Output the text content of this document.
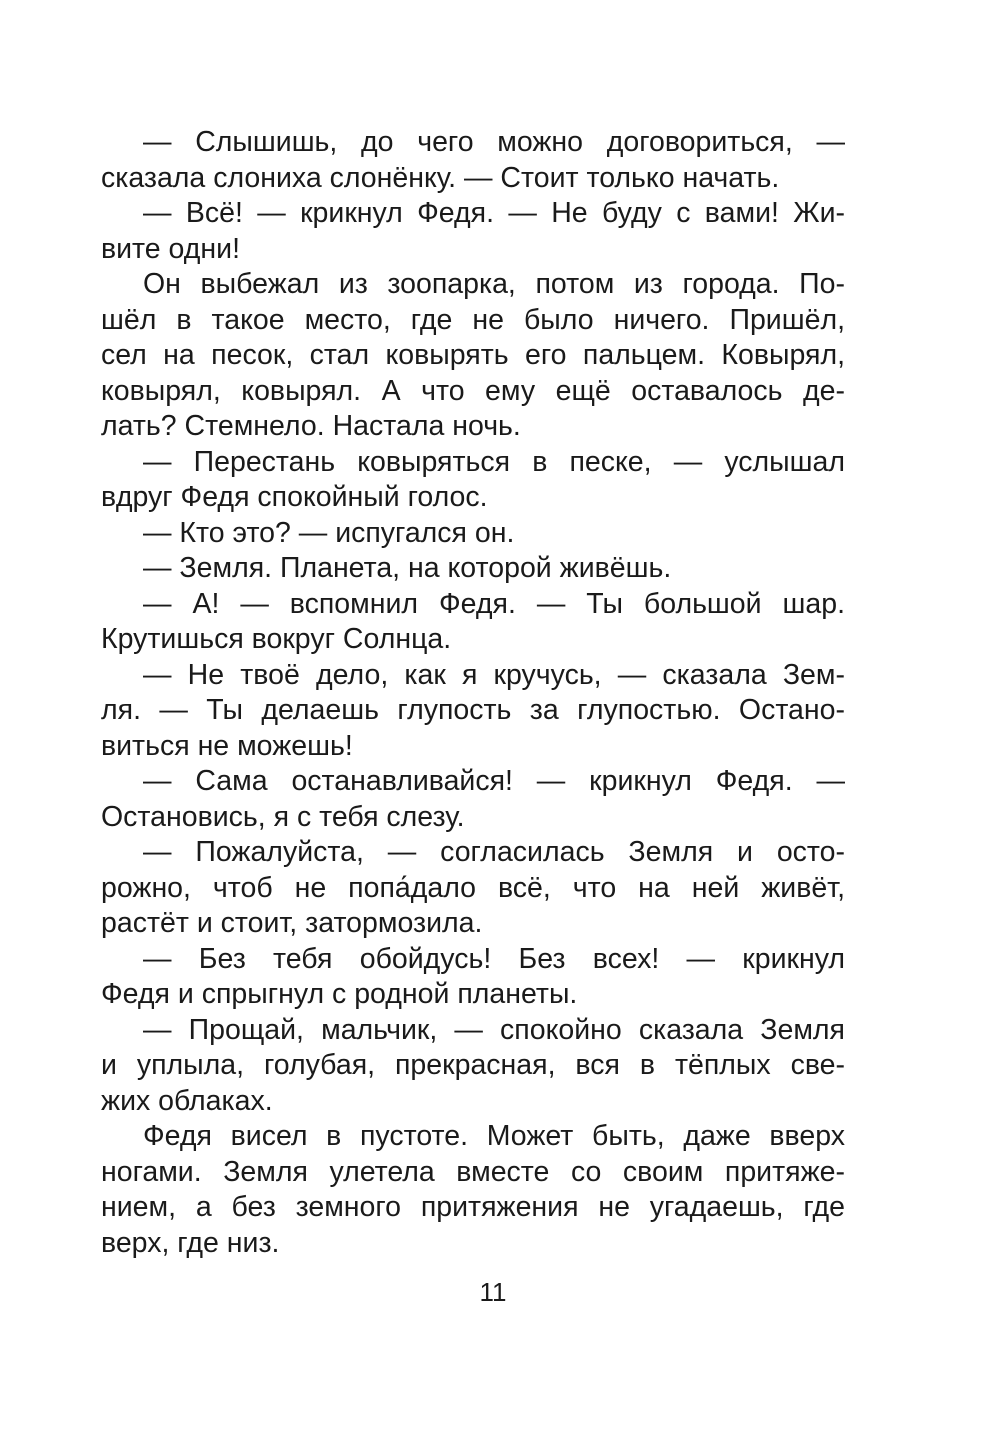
— Слышишь, до чего можно договориться, —
сказала слониха слонёнку. — Стоит только начать.
— Всё! — крикнул Федя. — Не буду с вами! Жи-
вите одни!
Он выбежал из зоопарка, потом из города. По-
шёл в такое место, где не было ничего. Пришёл,
сел на песок, стал ковырять его пальцем. Ковырял,
ковырял, ковырял. А что ему ещё оставалось де-
лать? Стемнело. Настала ночь.
— Перестань ковыряться в песке, — услышал
вдруг Федя спокойный голос.
— Кто это? — испугался он.
— Земля. Планета, на которой живёшь.
— А! — вспомнил Федя. — Ты большой шар.
Крутишься вокруг Солнца.
— Не твоё дело, как я кручусь, — сказала Зем-
ля. — Ты делаешь глупость за глупостью. Остано-
виться не можешь!
— Сама останавливайся! — крикнул Федя. —
Остановись, я с тебя слезу.
— Пожалуйста, — согласилась Земля и осто-
рожно, чтоб не попа́дало всё, что на ней живёт,
растёт и стоит, затормозила.
— Без тебя обойдусь! Без всех! — крикнул
Федя и спрыгнул с родной планеты.
— Прощай, мальчик, — спокойно сказала Земля
и уплыла, голубая, прекрасная, вся в тёплых све-
жих облаках.
Федя висел в пустоте. Может быть, даже вверх
ногами. Земля улетела вместе со своим притяже-
нием, а без земного притяжения не угадаешь, где
верх, где низ.
11
